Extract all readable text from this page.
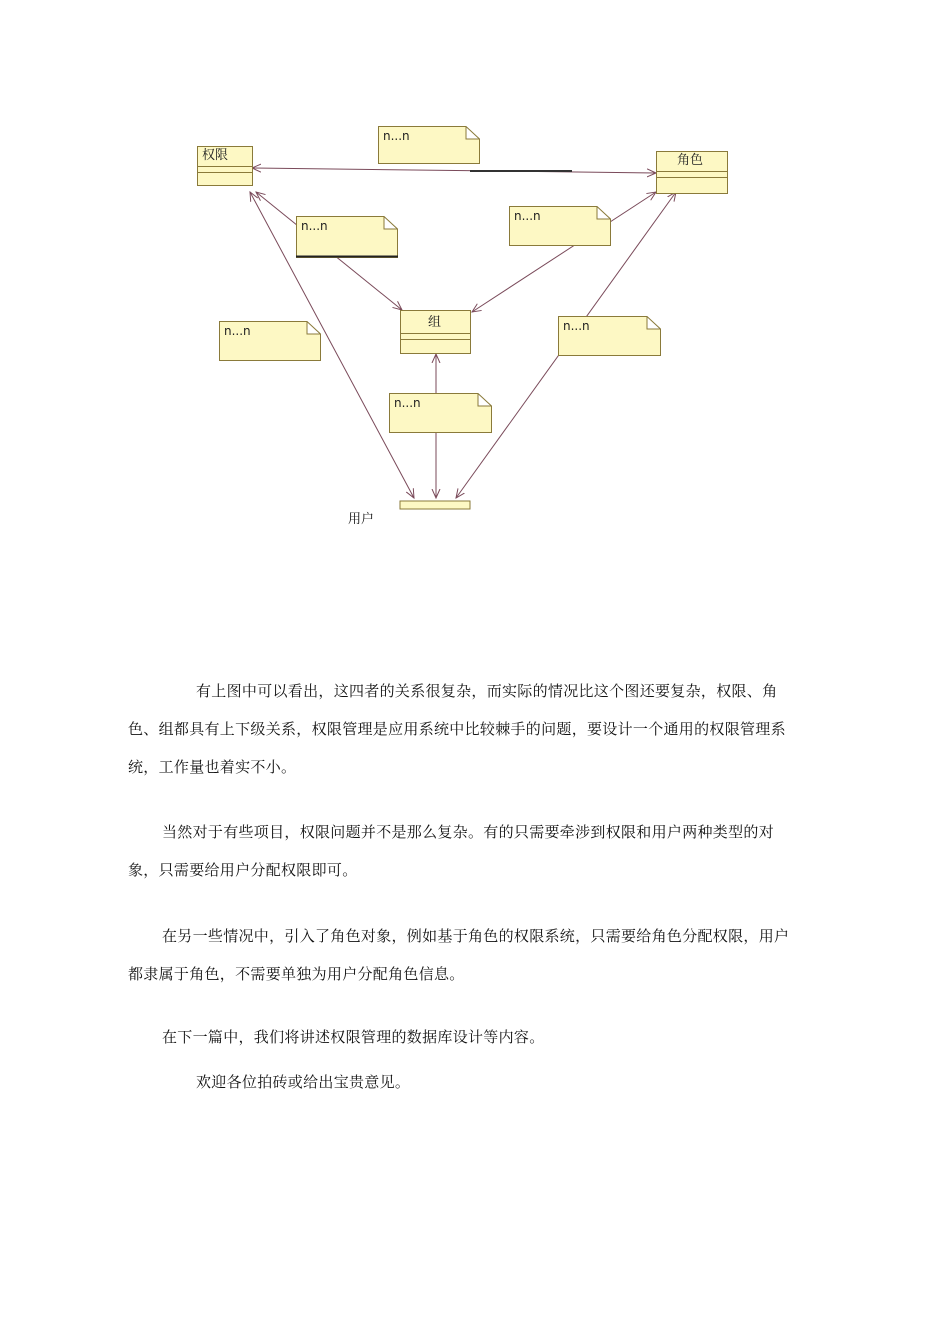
权限	角色
组
n...n
n...n
n...n
n...n	n...n
n...n
用户

有上图中可以看出，这四者的关系很复杂，而实际的情况比这个图还要复杂，权限、角色、组都具有上下级关系，权限管理是应用系统中比较棘手的问题，要设计一个通用的权限管理系统，工作量也着实不小。

当然对于有些项目，权限问题并不是那么复杂。有的只需要牵涉到权限和用户两种类型的对象，只需要给用户分配权限即可。

在另一些情况中，引入了角色对象，例如基于角色的权限系统，只需要给角色分配权限，用户都隶属于角色，不需要单独为用户分配角色信息。

在下一篇中，我们将讲述权限管理的数据库设计等内容。

欢迎各位拍砖或给出宝贵意见。
